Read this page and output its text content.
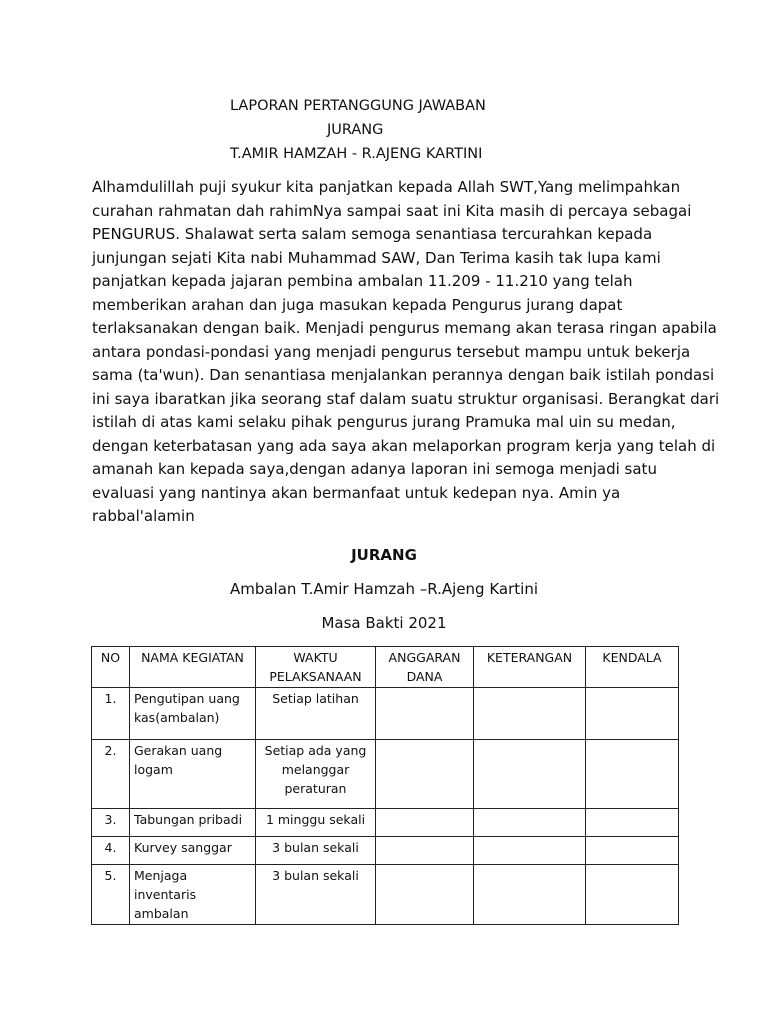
LAPORAN PERTANGGUNG JAWABAN
JURANG
T.AMIR HAMZAH - R.AJENG KARTINI
Alhamdulillah puji syukur kita panjatkan kepada Allah SWT,Yang melimpahkan
curahan rahmatan dah rahimNya sampai saat ini Kita masih di percaya sebagai
PENGURUS. Shalawat serta salam semoga senantiasa tercurahkan kepada
junjungan sejati Kita nabi Muhammad SAW, Dan Terima kasih tak lupa kami
panjatkan kepada jajaran pembina ambalan 11.209 - 11.210 yang telah
memberikan arahan dan juga masukan kepada Pengurus jurang dapat
terlaksanakan dengan baik. Menjadi pengurus memang akan terasa ringan apabila
antara pondasi-pondasi yang menjadi pengurus tersebut mampu untuk bekerja
sama (ta'wun). Dan senantiasa menjalankan perannya dengan baik istilah pondasi
ini saya ibaratkan jika seorang staf dalam suatu struktur organisasi. Berangkat dari
istilah di atas kami selaku pihak pengurus jurang Pramuka mal uin su medan,
dengan keterbatasan yang ada saya akan melaporkan program kerja yang telah di
amanah kan kepada saya,dengan adanya laporan ini semoga menjadi satu
evaluasi yang nantinya akan bermanfaat untuk kedepan nya. Amin ya
rabbal'alamin
JURANG
Ambalan T.Amir Hamzah –R.Ajeng Kartini
Masa Bakti 2021
NO	NAMA KEGIATAN	WAKTU PELAKSANAAN	ANGGARAN DANA	KETERANGAN	KENDALA
1.	Pengutipan uang kas(ambalan)	Setiap latihan			
2.	Gerakan uang logam	Setiap ada yang melanggar peraturan			
3.	Tabungan pribadi	1 minggu sekali			
4.	Kurvey sanggar	3 bulan sekali			
5.	Menjaga inventaris ambalan	3 bulan sekali			
